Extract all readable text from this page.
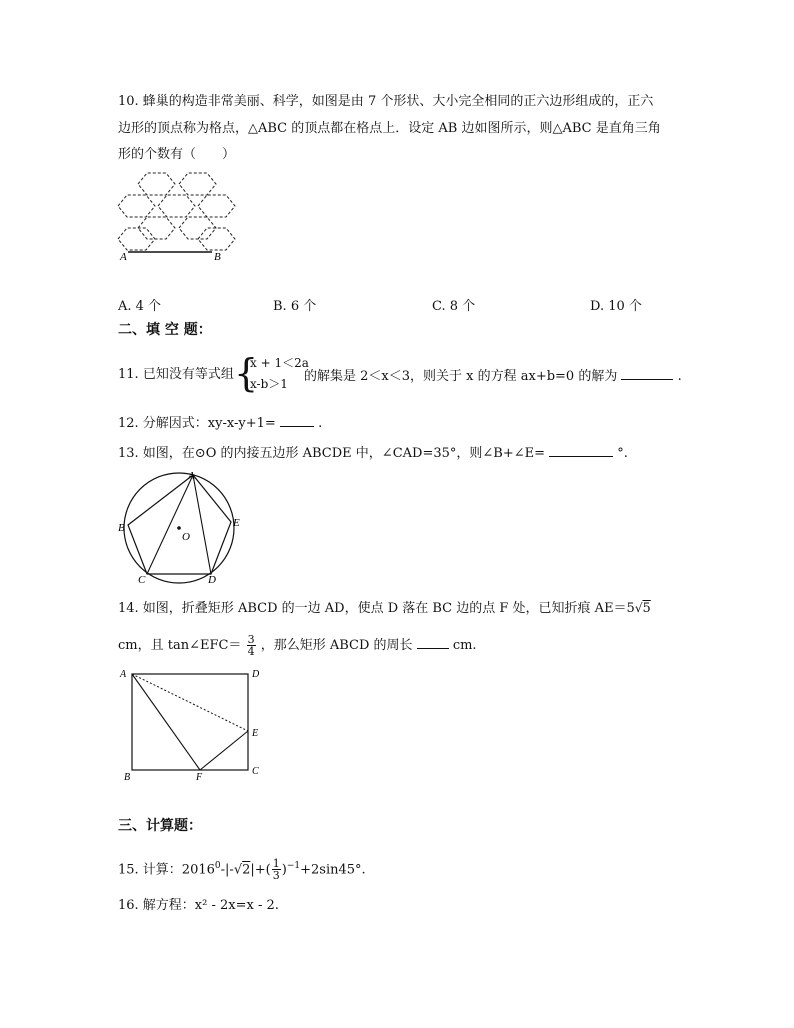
10. 蜂巢的构造非常美丽、科学，如图是由 7 个形状、大小完全相同的正六边形组成的，正六
边形的顶点称为格点，△ABC 的顶点都在格点上．设定 AB 边如图所示，则△ABC 是直角三角
形的个数有（　　）
A	B
A. 4 个	B. 6 个	C. 8 个	D. 10 个
二、填 空 题：
11. 已知没有等式组 {
x + 1＜2a
x-b＞1 的解集是 2＜x＜3，则关于 x 的方程 ax+b=0 的解为	.
12. 分解因式：xy-x-y+1=	.
13. 如图，在⊙O 的内接五边形 ABCDE 中，∠CAD=35°，则∠B+∠E=	°.
A
B
C	D
E
O
14. 如图，折叠矩形 ABCD 的一边 AD，使点 D 落在 BC 边的点 F 处，已知折痕 AE＝5√5
cm，且 tan∠EFC＝ $\frac{3}{4}$ ，那么矩形 ABCD 的周长	cm.
A	D
E
B	F
C
三、计算题：
15. 计算：$2016^0-|-√2|+( \frac{1}{3} )^{-1}+2\sin 45^\circ$.
16. 解方程：x² - 2x=x - 2.
